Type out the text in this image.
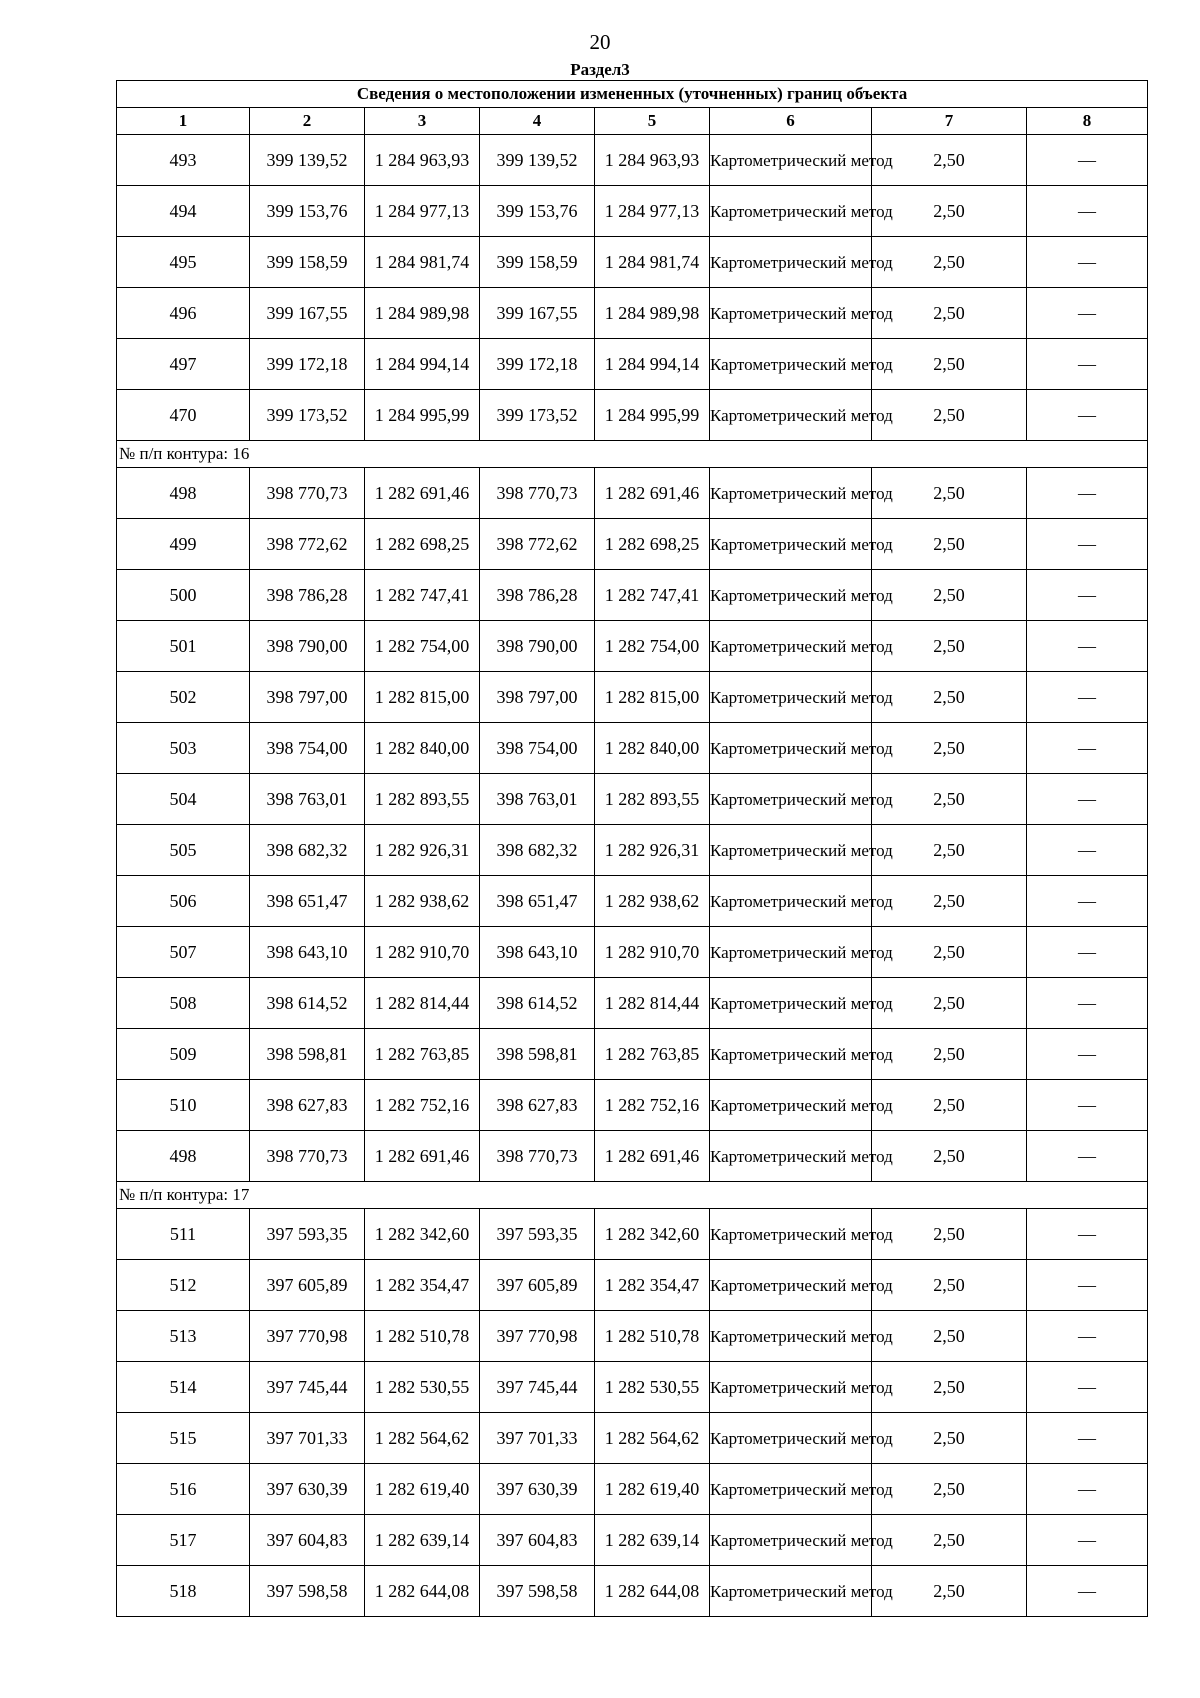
20
Раздел3
Сведения о местоположении измененных (уточненных) границ объекта							
1	2	3	4	5	6	7	8
493	399 139,52	1 284 963,93	399 139,52	1 284 963,93	Картометрический метод	2,50	—
494	399 153,76	1 284 977,13	399 153,76	1 284 977,13	Картометрический метод	2,50	—
495	399 158,59	1 284 981,74	399 158,59	1 284 981,74	Картометрический метод	2,50	—
496	399 167,55	1 284 989,98	399 167,55	1 284 989,98	Картометрический метод	2,50	—
497	399 172,18	1 284 994,14	399 172,18	1 284 994,14	Картометрический метод	2,50	—
470	399 173,52	1 284 995,99	399 173,52	1 284 995,99	Картометрический метод	2,50	—
№ п/п контура: 16							
498	398 770,73	1 282 691,46	398 770,73	1 282 691,46	Картометрический метод	2,50	—
499	398 772,62	1 282 698,25	398 772,62	1 282 698,25	Картометрический метод	2,50	—
500	398 786,28	1 282 747,41	398 786,28	1 282 747,41	Картометрический метод	2,50	—
501	398 790,00	1 282 754,00	398 790,00	1 282 754,00	Картометрический метод	2,50	—
502	398 797,00	1 282 815,00	398 797,00	1 282 815,00	Картометрический метод	2,50	—
503	398 754,00	1 282 840,00	398 754,00	1 282 840,00	Картометрический метод	2,50	—
504	398 763,01	1 282 893,55	398 763,01	1 282 893,55	Картометрический метод	2,50	—
505	398 682,32	1 282 926,31	398 682,32	1 282 926,31	Картометрический метод	2,50	—
506	398 651,47	1 282 938,62	398 651,47	1 282 938,62	Картометрический метод	2,50	—
507	398 643,10	1 282 910,70	398 643,10	1 282 910,70	Картометрический метод	2,50	—
508	398 614,52	1 282 814,44	398 614,52	1 282 814,44	Картометрический метод	2,50	—
509	398 598,81	1 282 763,85	398 598,81	1 282 763,85	Картометрический метод	2,50	—
510	398 627,83	1 282 752,16	398 627,83	1 282 752,16	Картометрический метод	2,50	—
498	398 770,73	1 282 691,46	398 770,73	1 282 691,46	Картометрический метод	2,50	—
№ п/п контура: 17							
511	397 593,35	1 282 342,60	397 593,35	1 282 342,60	Картометрический метод	2,50	—
512	397 605,89	1 282 354,47	397 605,89	1 282 354,47	Картометрический метод	2,50	—
513	397 770,98	1 282 510,78	397 770,98	1 282 510,78	Картометрический метод	2,50	—
514	397 745,44	1 282 530,55	397 745,44	1 282 530,55	Картометрический метод	2,50	—
515	397 701,33	1 282 564,62	397 701,33	1 282 564,62	Картометрический метод	2,50	—
516	397 630,39	1 282 619,40	397 630,39	1 282 619,40	Картометрический метод	2,50	—
517	397 604,83	1 282 639,14	397 604,83	1 282 639,14	Картометрический метод	2,50	—
518	397 598,58	1 282 644,08	397 598,58	1 282 644,08	Картометрический метод	2,50	—
